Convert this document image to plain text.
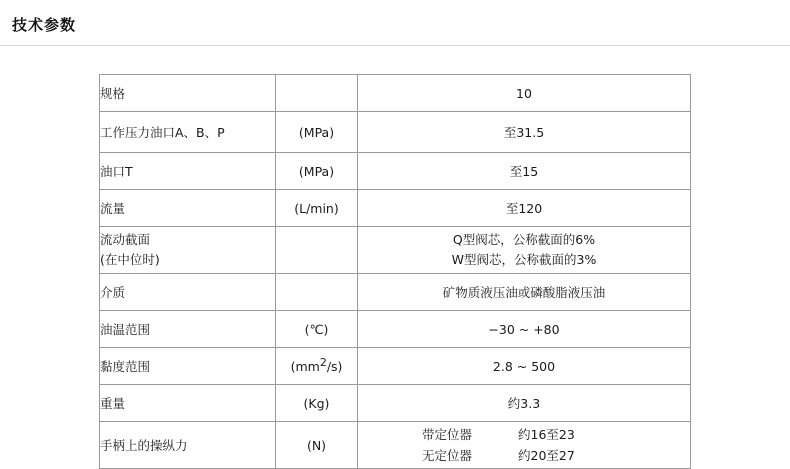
技术参数
规格		10
工作压力油口A、B、P	(MPa)	至31.5
油口T	(MPa)	至15
流量	(L/min)	至120

流动截面
(在中位时)		Q型阀芯，公称截面的6%
W型阀芯，公称截面的3%

介质		矿物质液压油或磷酸脂液压油
油温范围	(℃)	−30 ~ +80
黏度范围	(mm2/s)	2.8 ~ 500
重量	(Kg)	约3.3
手柄上的操纵力	(N)	带定位器 约16至23
无定位器 约20至27
